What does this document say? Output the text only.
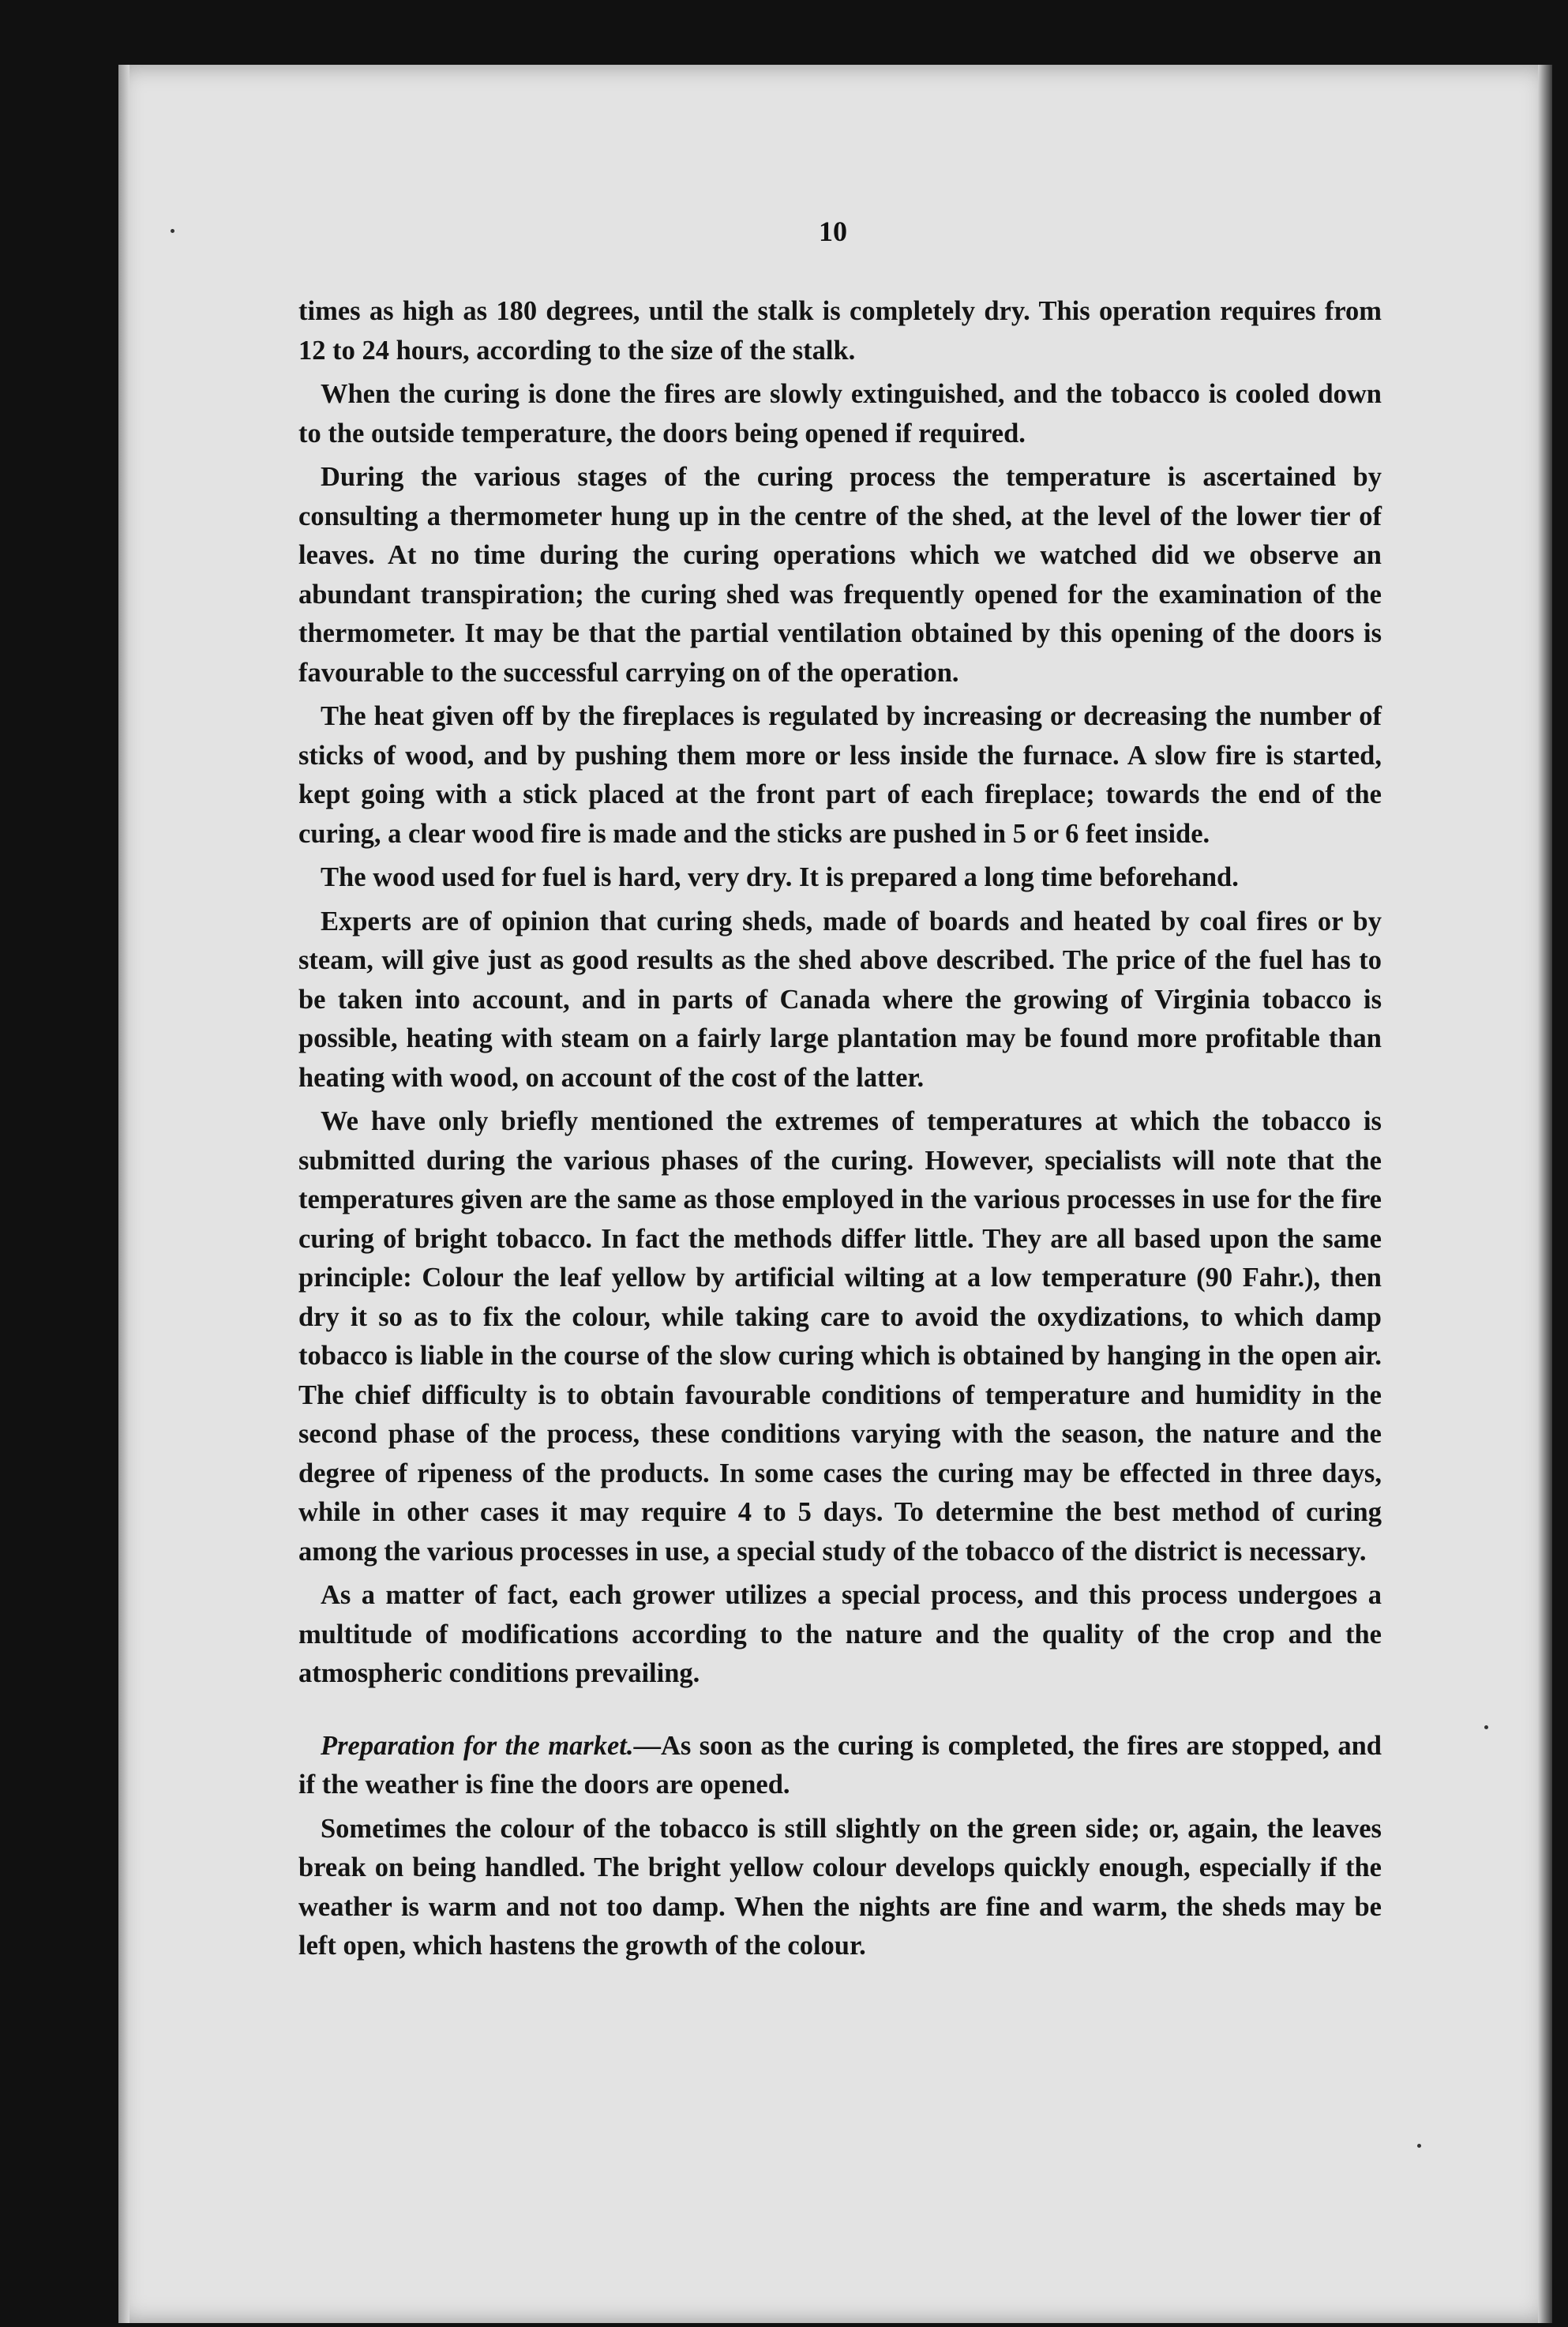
10

times as high as 180 degrees, until the stalk is completely dry. This operation requires from 12 to 24 hours, according to the size of the stalk.

When the curing is done the fires are slowly extinguished, and the tobacco is cooled down to the outside temperature, the doors being opened if required.

During the various stages of the curing process the temperature is ascertained by consulting a thermometer hung up in the centre of the shed, at the level of the lower tier of leaves. At no time during the curing operations which we watched did we observe an abundant transpiration; the curing shed was frequently opened for the examination of the thermometer. It may be that the partial ventilation obtained by this opening of the doors is favourable to the successful carrying on of the operation.

The heat given off by the fireplaces is regulated by increasing or decreasing the number of sticks of wood, and by pushing them more or less inside the furnace. A slow fire is started, kept going with a stick placed at the front part of each fireplace; towards the end of the curing, a clear wood fire is made and the sticks are pushed in 5 or 6 feet inside.

The wood used for fuel is hard, very dry. It is prepared a long time beforehand.

Experts are of opinion that curing sheds, made of boards and heated by coal fires or by steam, will give just as good results as the shed above described. The price of the fuel has to be taken into account, and in parts of Canada where the growing of Virginia tobacco is possible, heating with steam on a fairly large plantation may be found more profitable than heating with wood, on account of the cost of the latter.

We have only briefly mentioned the extremes of temperatures at which the tobacco is submitted during the various phases of the curing. However, specialists will note that the temperatures given are the same as those employed in the various processes in use for the fire curing of bright tobacco. In fact the methods differ little. They are all based upon the same principle: Colour the leaf yellow by artificial wilting at a low temperature (90 Fahr.), then dry it so as to fix the colour, while taking care to avoid the oxydizations, to which damp tobacco is liable in the course of the slow curing which is obtained by hanging in the open air. The chief difficulty is to obtain favourable conditions of temperature and humidity in the second phase of the process, these conditions varying with the season, the nature and the degree of ripeness of the products. In some cases the curing may be effected in three days, while in other cases it may require 4 to 5 days. To determine the best method of curing among the various processes in use, a special study of the tobacco of the district is necessary.

As a matter of fact, each grower utilizes a special process, and this process undergoes a multitude of modifications according to the nature and the quality of the crop and the atmospheric conditions prevailing.

Preparation for the market.—As soon as the curing is completed, the fires are stopped, and if the weather is fine the doors are opened.

Sometimes the colour of the tobacco is still slightly on the green side; or, again, the leaves break on being handled. The bright yellow colour develops quickly enough, especially if the weather is warm and not too damp. When the nights are fine and warm, the sheds may be left open, which hastens the growth of the colour.
